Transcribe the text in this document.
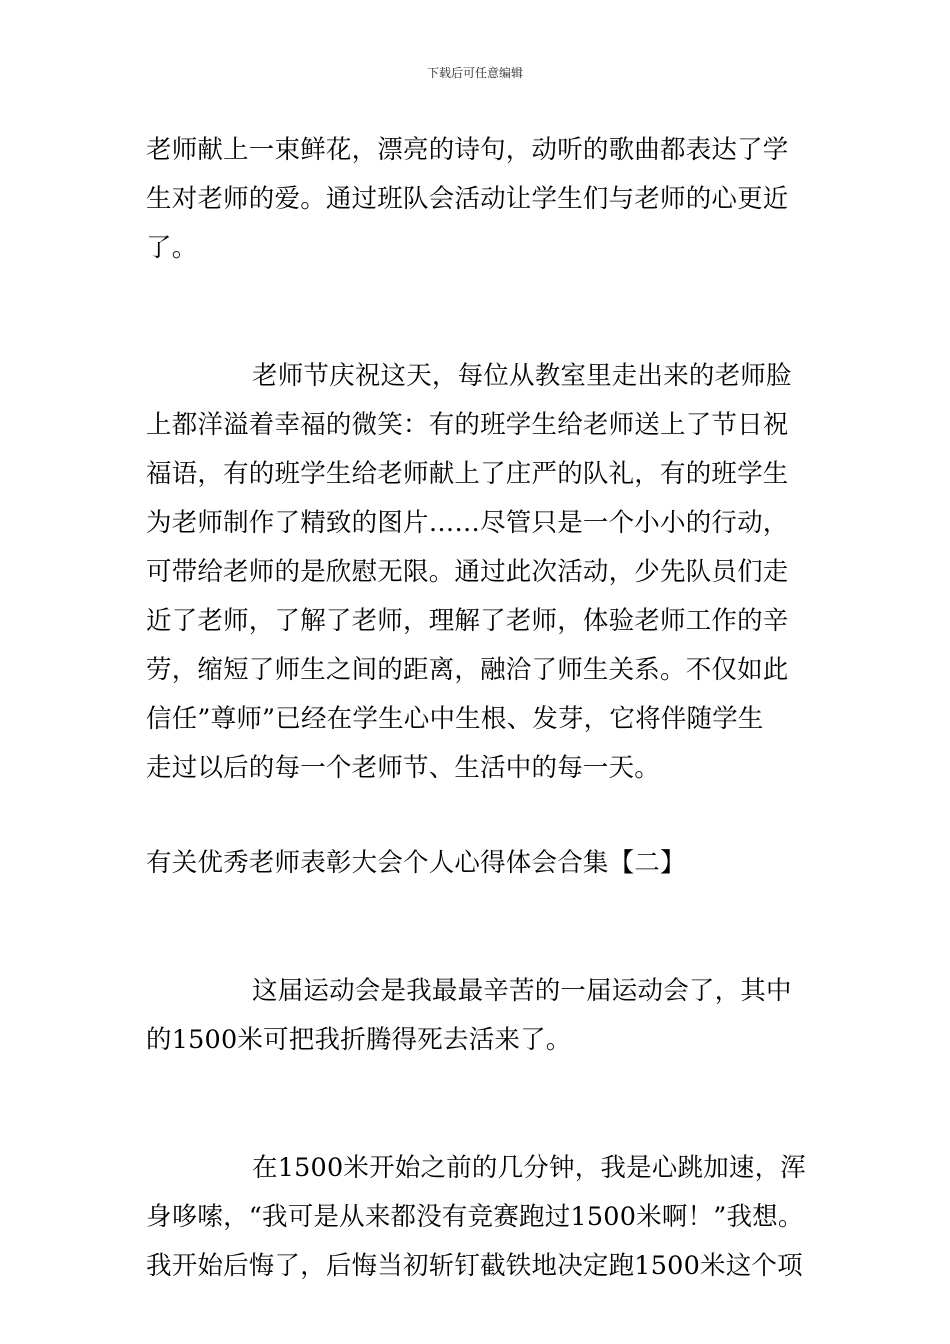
下载后可任意编辑
老师献上一束鲜花，漂亮的诗句，动听的歌曲都表达了学
生对老师的爱。通过班队会活动让学生们与老师的心更近
了。
老师节庆祝这天，每位从教室里走出来的老师脸
上都洋溢着幸福的微笑：有的班学生给老师送上了节日祝
福语，有的班学生给老师献上了庄严的队礼，有的班学生
为老师制作了精致的图片……尽管只是一个小小的行动，
可带给老师的是欣慰无限。通过此次活动，少先队员们走
近了老师，了解了老师，理解了老师，体验老师工作的辛
劳，缩短了师生之间的距离，融洽了师生关系。不仅如此
信任”尊师”已经在学生心中生根、发芽，它将伴随学生
走过以后的每一个老师节、生活中的每一天。
有关优秀老师表彰大会个人心得体会合集【二】
这届运动会是我最最辛苦的一届运动会了，其中
的1500米可把我折腾得死去活来了。
在1500米开始之前的几分钟，我是心跳加速，浑
身哆嗦，“我可是从来都没有竞赛跑过1500米啊！”我想。
我开始后悔了，后悔当初斩钉截铁地决定跑1500米这个项
